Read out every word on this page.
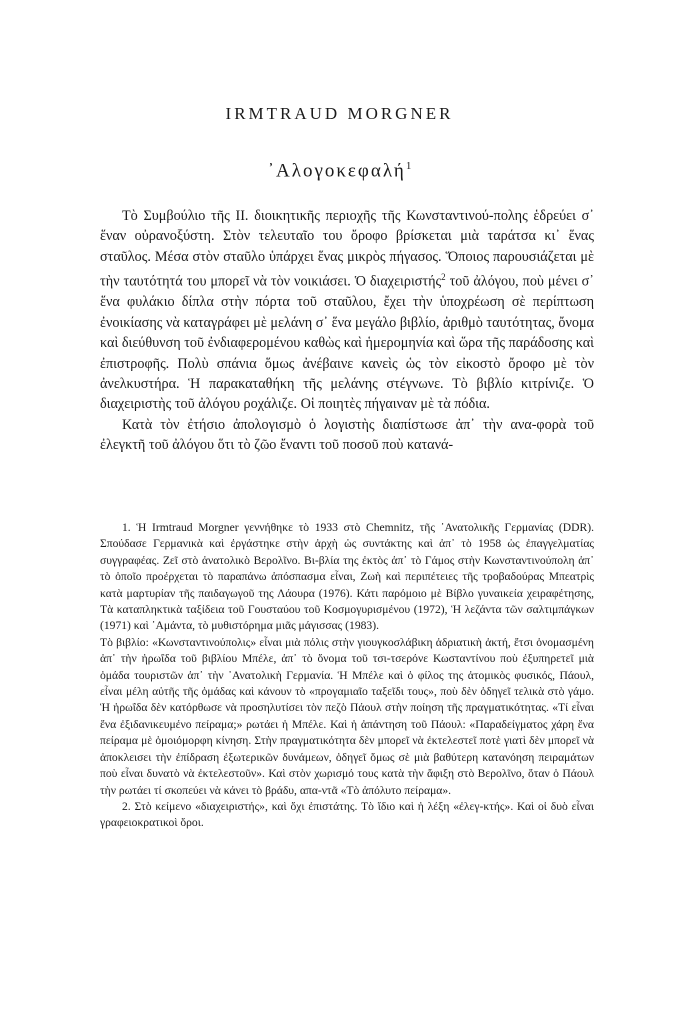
IRMTRAUD MORGNER
᾿Αλογοκεφαλή$^1$

Τὸ Συμβούλιο τῆς ΙΙ. διοικητικῆς περιοχῆς τῆς Κωνσταντινού-πολης ἑδρεύει σ᾿ ἕναν οὐρανοξύστη. Στὸν τελευταῖο του ὄροφο βρίσκεται μιὰ ταράτσα κι᾿ ἕνας σταῦλος. Μέσα στὸν σταῦλο ὑπάρχει ἕνας μικρὸς πήγασος. Ὅποιος παρουσιάζεται μὲ τὴν ταυτότητά του μπορεῖ νὰ τὸν νοικιάσει. Ὁ διαχειριστής$^2$ τοῦ ἀλόγου, ποὺ μένει σ᾿ ἕνα φυλάκιο δίπλα στὴν πόρτα τοῦ σταῦλου, ἔχει τὴν ὑποχρέωση σὲ περίπτωση ἐνοικίασης νὰ καταγράφει μὲ μελάνη σ᾿ ἕνα μεγάλο βιβλίο, ἀριθμὸ ταυτότητας, ὄνομα καὶ διεύθυνση τοῦ ἐνδιαφερομένου καθὼς καὶ ἡμερομηνία καὶ ὥρα τῆς παράδοσης καὶ ἐπιστροφῆς. Πολὺ σπάνια ὅμως ἀνέβαινε κανεὶς ὡς τὸν εἰκοστὸ ὄροφο μὲ τὸν ἀνελκυστήρα. Ἡ παρακαταθήκη τῆς μελάνης στέγνωνε. Τὸ βιβλίο κιτρίνιζε. Ὁ διαχειριστὴς τοῦ ἀλόγου ροχάλιζε. Οἱ ποιητὲς πήγαιναν μὲ τὰ πόδια.

Κατὰ τὸν ἐτήσιο ἀπολογισμὸ ὁ λογιστὴς διαπίστωσε ἀπ᾿ τὴν ανα-φορὰ τοῦ ἐλεγκτῆ τοῦ ἀλόγου ὅτι τὸ ζῶο ἔναντι τοῦ ποσοῦ ποὺ κατανά-

1. Ἡ Irmtraud Morgner γεννήθηκε τὸ 1933 στὸ Chemnitz, τῆς ᾿Ανατολικῆς Γερμανίας (DDR). Σπούδασε Γερμανικὰ καὶ ἐργάστηκε στὴν ἀρχὴ ὡς συντάκτης καὶ ἀπ᾿ τὸ 1958 ὡς ἐπαγγελματίας συγγραφέας. Ζεῖ στὸ ἀνατολικὸ Βερολῖνο. Βι-βλία της ἐκτὸς ἀπ᾿ τὸ Γάμος στὴν Κωνσταντινούπολη ἀπ᾿ τὸ ὁποῖο προέρχεται τὸ παραπάνω ἀπόσπασμα εἶναι, Ζωὴ καὶ περιπέτειες τῆς τροβαδούρας Μπεατρὶς κατὰ μαρτυρίαν τῆς παιδαγωγοῦ της Λάουρα (1976). Κάτι παρόμοιο μὲ Βίβλο γυναικεία χειραφέτησης, Τὰ καταπληκτικὰ ταξίδεια τοῦ Γουσταύου τοῦ Κοσμογυρισμένου (1972), Ἡ λεζάντα τῶν σαλτιμπάγκων (1971) καὶ ᾿Αμάντα, τὸ μυθιστόρημα μιᾶς μάγισσας (1983).

Τὸ βιβλίο: «Κωνσταντινούπολις» εἶναι μιὰ πόλις στὴν γιουγκοσλάβικη ἀδριατικὴ ἀκτή, ἔτσι ὀνομασμένη ἀπ᾿ τὴν ἡρωΐδα τοῦ βιβλίου Μπέλε, ἀπ᾿ τὸ ὄνομα τοῦ τσι-τσερόνε Κωσταντίνου ποὺ ἐξυπηρετεῖ μιὰ ὁμάδα τουριστῶν ἀπ᾿ τὴν ᾿Ανατολικὴ Γερμανία. Ἡ Μπέλε καὶ ὁ φίλος της ἀτομικὸς φυσικός, Πάουλ, εἶναι μέλη αὐτῆς τῆς ὁμάδας καὶ κάνουν τὸ «προγαμιαῖο ταξεῖδι τους», ποὺ δὲν ὁδηγεῖ τελικὰ στὸ γάμο. Ἡ ἡρωΐδα δὲν κατόρθωσε νὰ προσηλυτίσει τὸν πεζὸ Πάουλ στὴν ποίηση τῆς πραγματικότητας. «Τί εἶναι ἕνα ἐξιδανικευμένο πείραμα;» ρωτάει ἡ Μπέλε. Καὶ ἡ ἀπάντηση τοῦ Πάουλ: «Παραδείγματος χάρη ἕνα πείραμα μὲ ὁμοιόμορφη κίνηση. Στὴν πραγματικότητα δὲν μπορεῖ νὰ ἐκτελεστεῖ ποτὲ γιατὶ δὲν μπορεῖ νὰ ἀποκλεισει τὴν ἐπίδραση ἐξωτερικῶν δυνάμεων, ὁδηγεῖ ὅμως σὲ μιὰ βαθύτερη κατανόηση πειραμάτων ποὺ εἶναι δυνατὸ νὰ ἐκτελεστοῦν». Καὶ στὸν χωρισμό τους κατὰ τὴν ἄφιξη στὸ Βερολῖνο, ὅταν ὁ Πάουλ τὴν ρωτάει τί σκοπεύει νὰ κάνει τὸ βράδυ, απα-ντᾶ «Τὸ ἀπόλυτο πείραμα».

2. Στὸ κείμενο «διαχειριστής», καὶ ὄχι ἐπιστάτης. Τὸ ἴδιο καὶ ἡ λέξη «ἐλεγ-κτής». Καὶ οἱ δυὸ εἶναι γραφειοκρατικοὶ ὅροι.
